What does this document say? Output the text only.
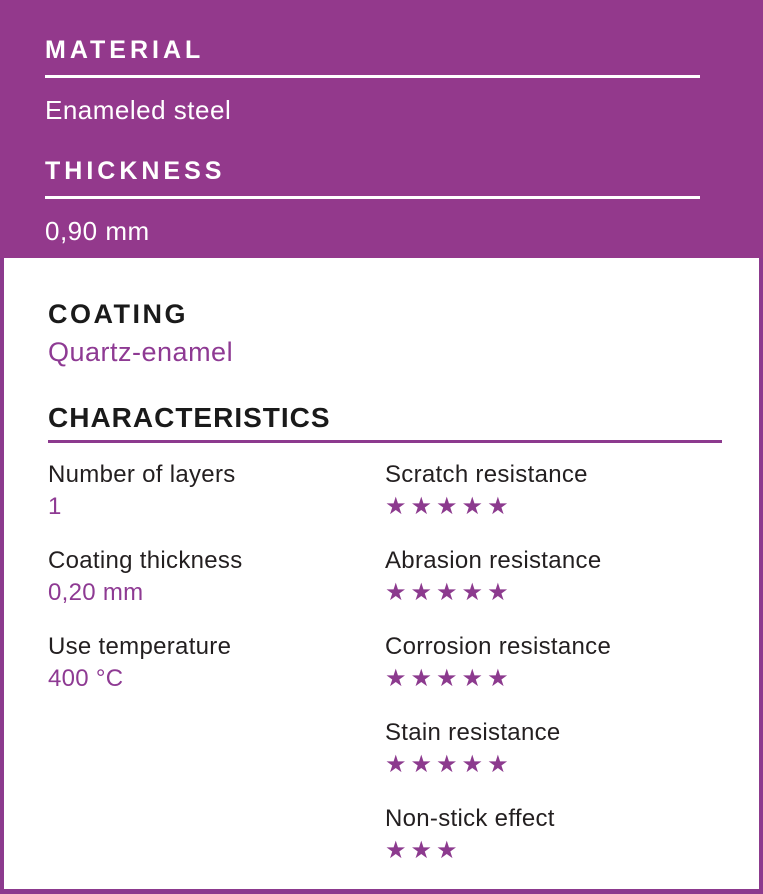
MATERIAL
Enameled steel
THICKNESS
0,90 mm
COATING
Quartz-enamel
CHARACTERISTICS
Number of layers
1
Coating thickness
0,20 mm
Use temperature
400 °C
Scratch resistance
★★★★★
Abrasion resistance
★★★★★
Corrosion resistance
★★★★★
Stain resistance
★★★★★
Non-stick effect
★★★
